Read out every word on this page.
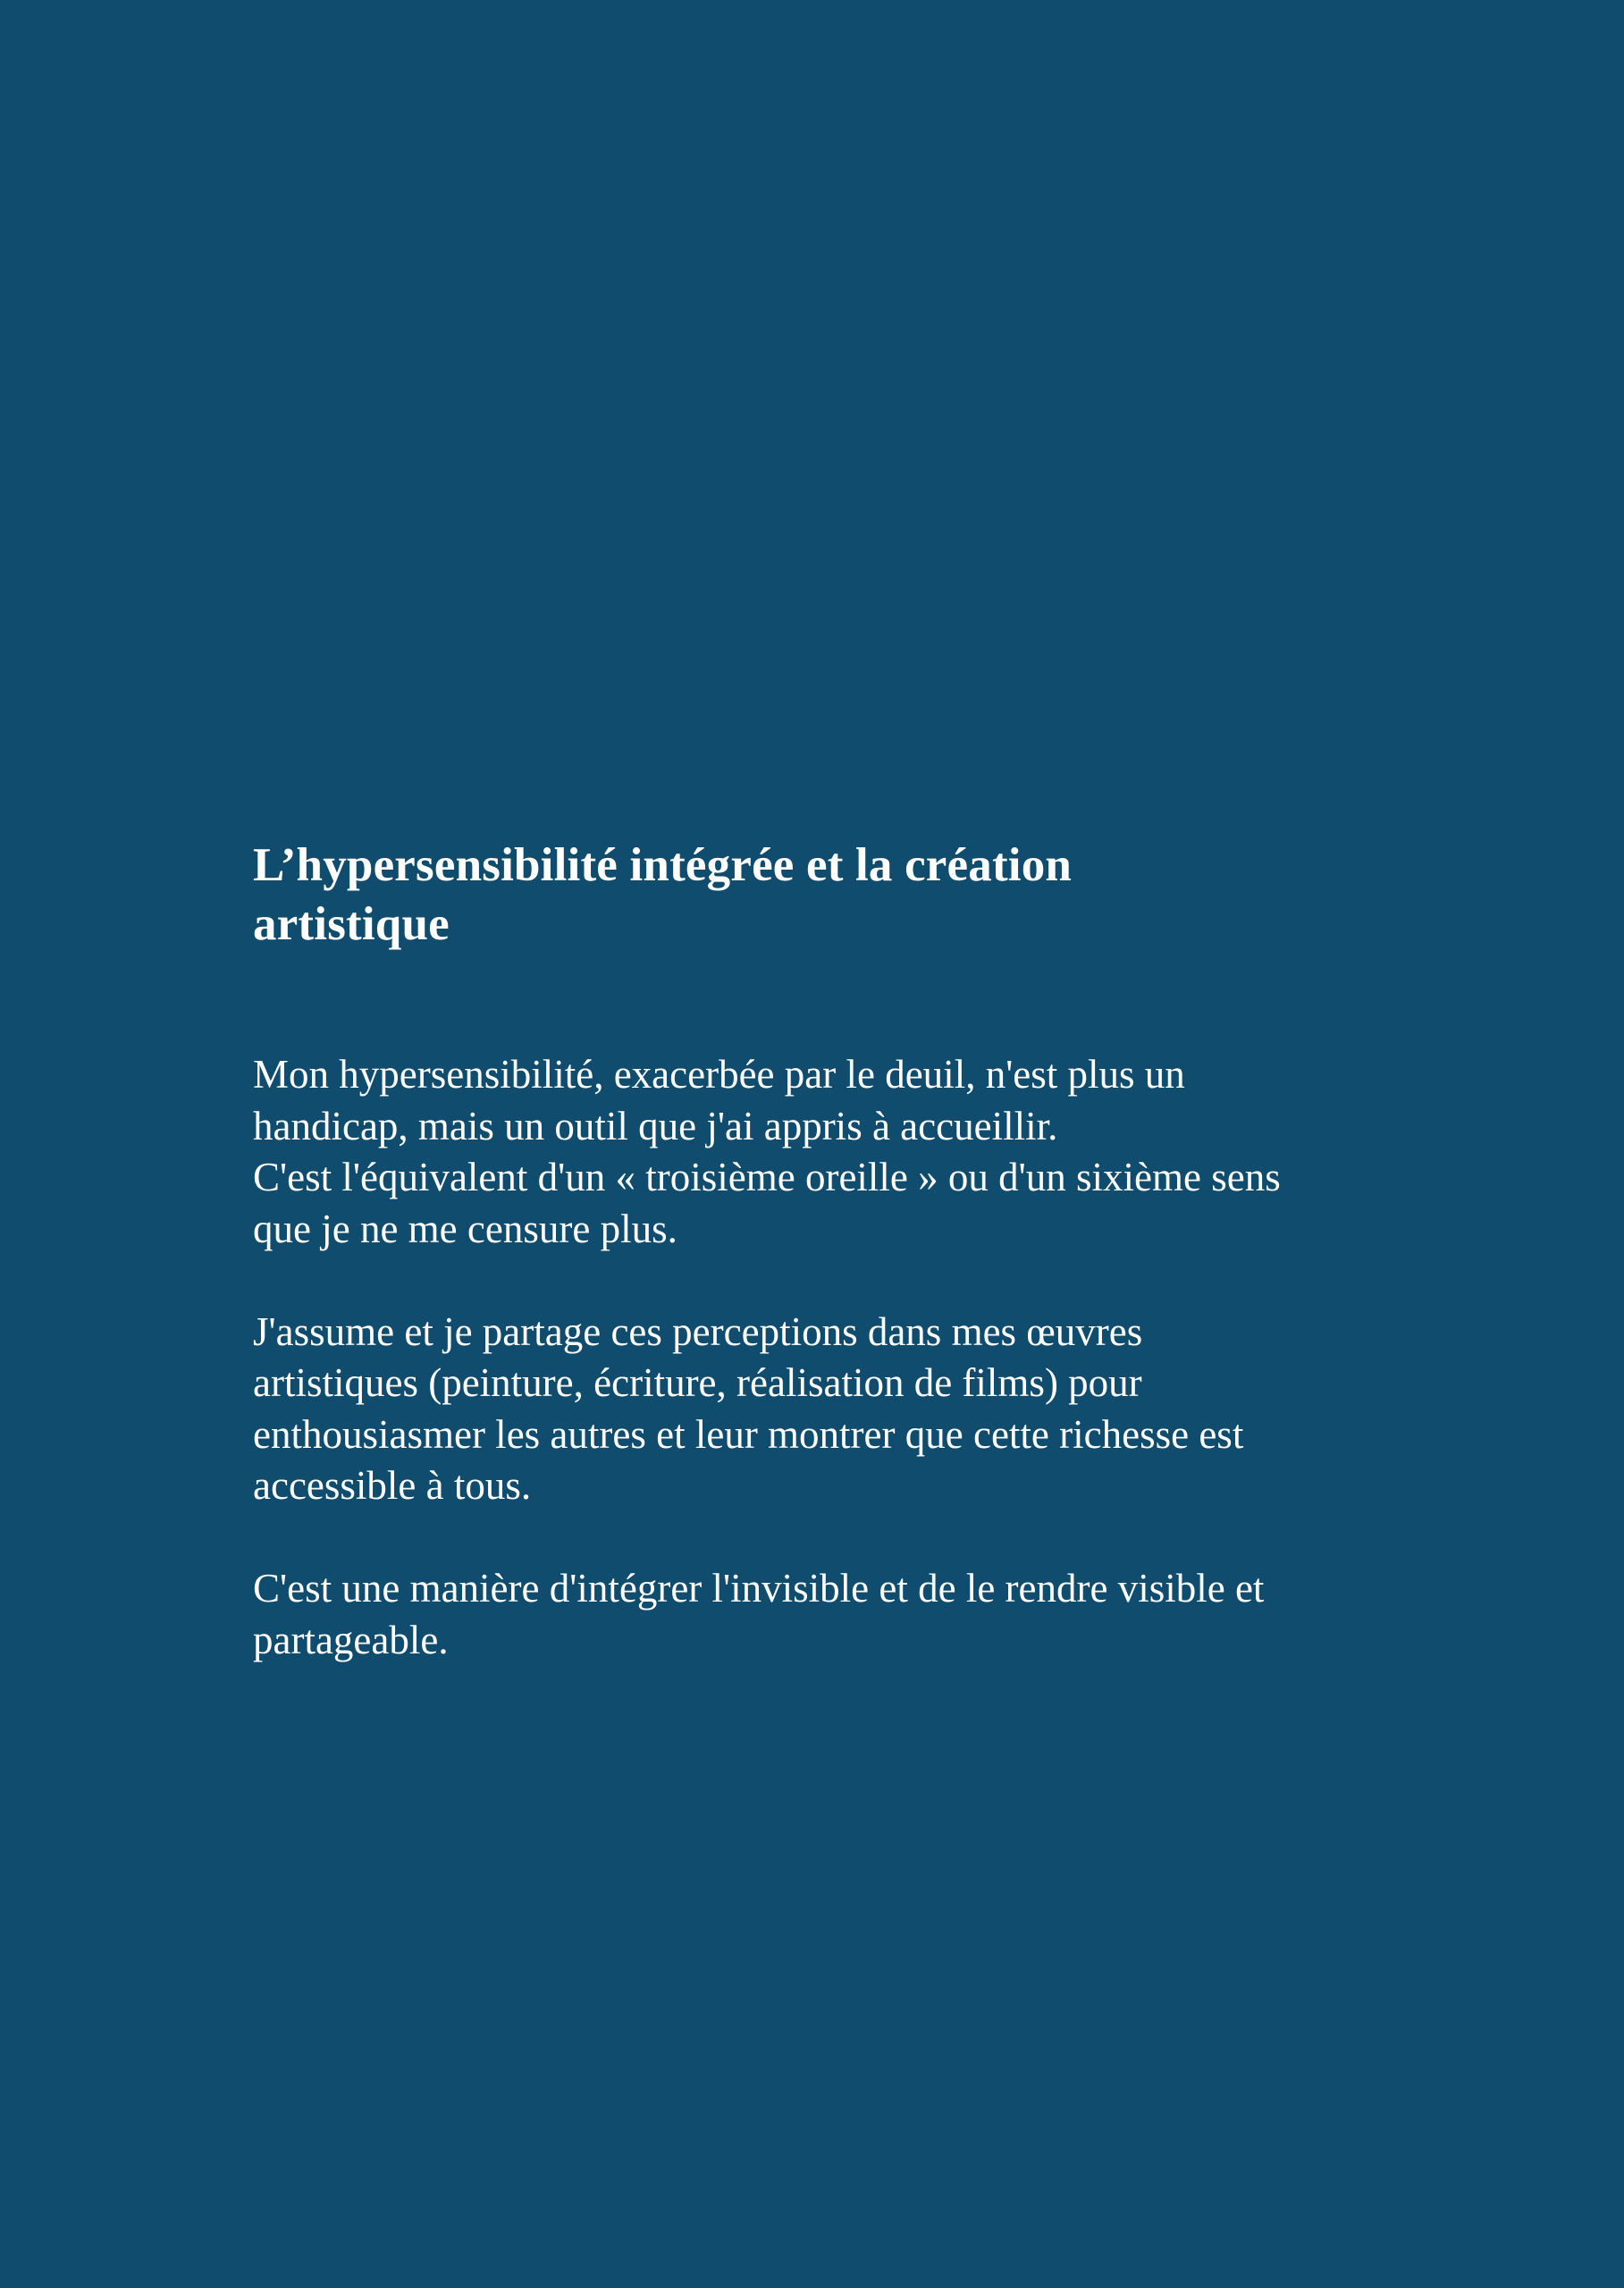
L’hypersensibilité intégrée et la création
artistique

Mon hypersensibilité, exacerbée par le deuil, n'est plus un
handicap, mais un outil que j'ai appris à accueillir.
C'est l'équivalent d'un « troisième oreille » ou d'un sixième sens
que je ne me censure plus.

J'assume et je partage ces perceptions dans mes œuvres
artistiques (peinture, écriture, réalisation de films) pour
enthousiasmer les autres et leur montrer que cette richesse est
accessible à tous.

C'est une manière d'intégrer l'invisible et de le rendre visible et
partageable.
